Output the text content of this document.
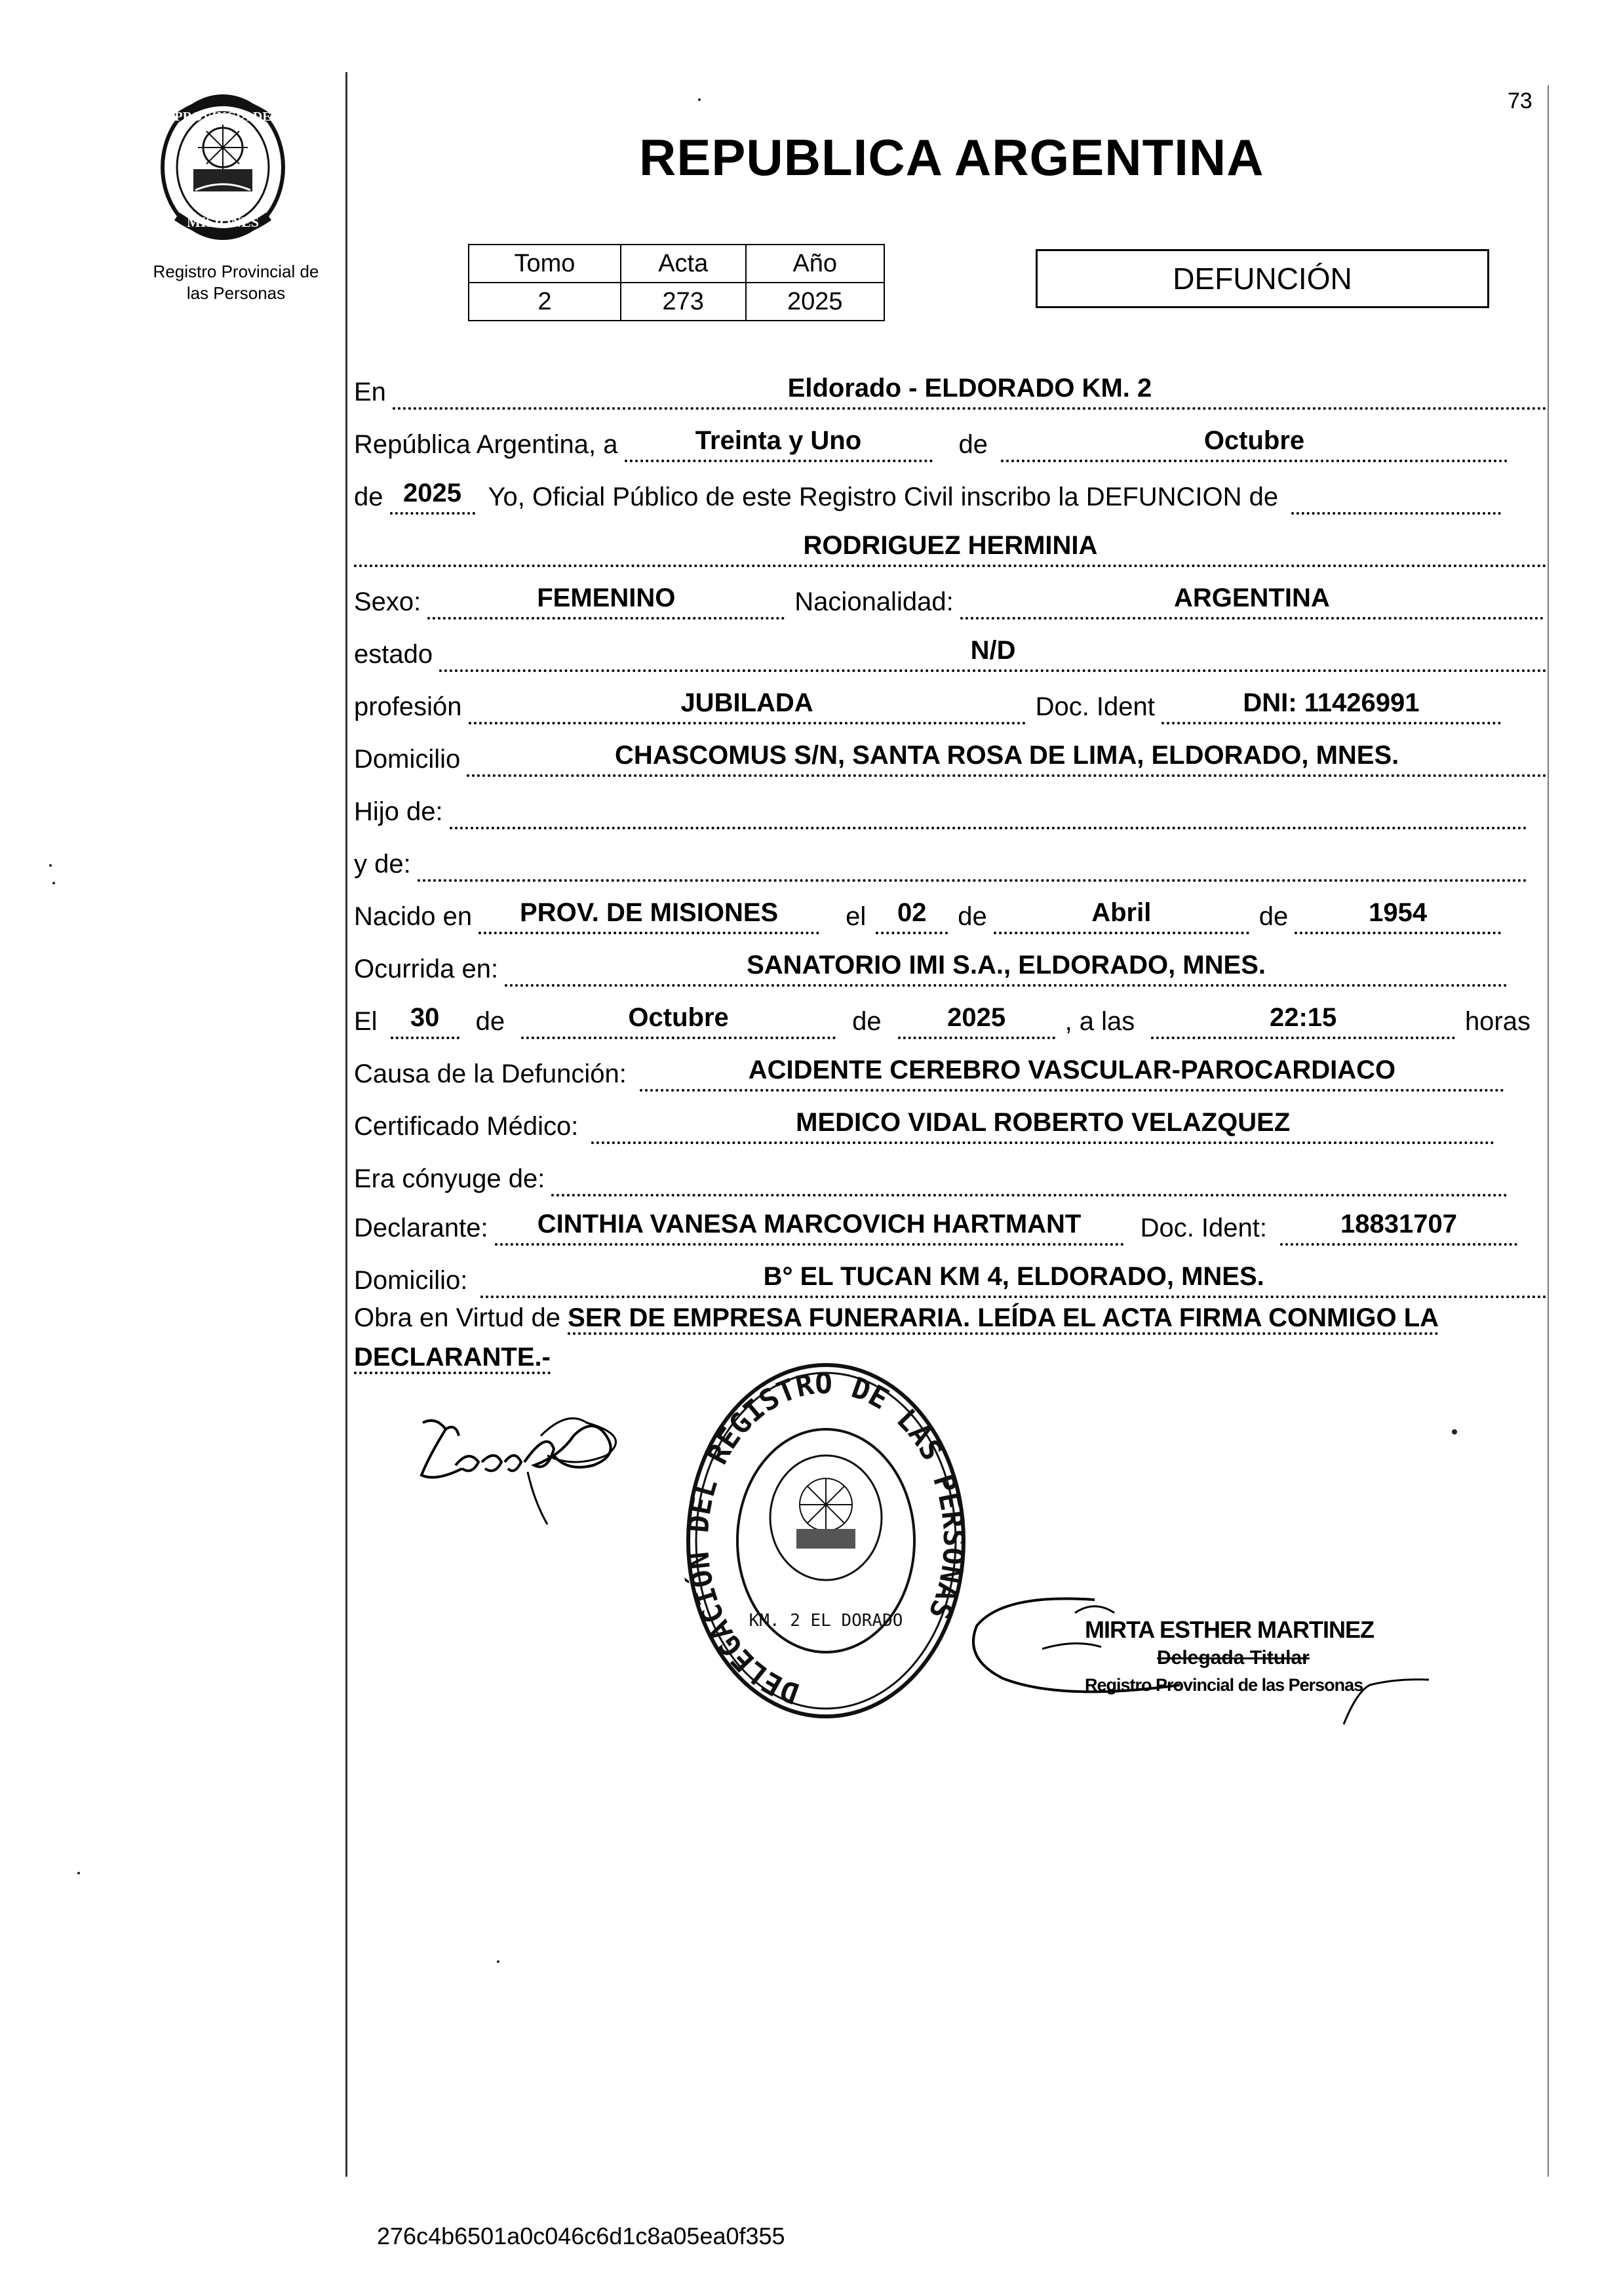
73
PROVINCIA DE
MISIONES
Registro Provincial de
las Personas
REPUBLICA ARGENTINA
Tomo	Acta	Año
2	273	2025
DEFUNCIÓN
En	Eldorado - ELDORADO KM. 2
República Argentina, a	Treinta y Uno	de	Octubre
de 2025	Yo, Oficial Público de este Registro Civil inscribo la DEFUNCION de
RODRIGUEZ HERMINIA
Sexo:	FEMENINO	Nacionalidad:	ARGENTINA
estado	N/D
profesión	JUBILADA	Doc. Ident	DNI: 11426991
Domicilio	CHASCOMUS S/N, SANTA ROSA DE LIMA, ELDORADO, MNES.
Hijo de:
y de:
Nacido en	PROV. DE MISIONES	el	02	de	Abril	de	1954
Ocurrida en:	SANATORIO IMI S.A., ELDORADO, MNES.
El	30	de	Octubre	de	2025	, a las	22:15	horas
Causa de la Defunción:	ACIDENTE CEREBRO VASCULAR-PAROCARDIACO
Certificado Médico:	MEDICO VIDAL ROBERTO VELAZQUEZ
Era cónyuge de:
Declarante:	CINTHIA VANESA MARCOVICH HARTMANT	Doc. Ident:	18831707
Domicilio:	B° EL TUCAN KM 4, ELDORADO, MNES.
Obra en Virtud de SER DE EMPRESA FUNERARIA. LEÍDA EL ACTA FIRMA CONMIGO LA
DECLARANTE.-
DELEGACIÓN DEL REGISTRO DE LAS PERSONAS
KM. 2 EL DORADO	MIRTA ESTHER MARTINEZ
Delegada Titular
Registro Provincial de las Personas
276c4b6501a0c046c6d1c8a05ea0f355
